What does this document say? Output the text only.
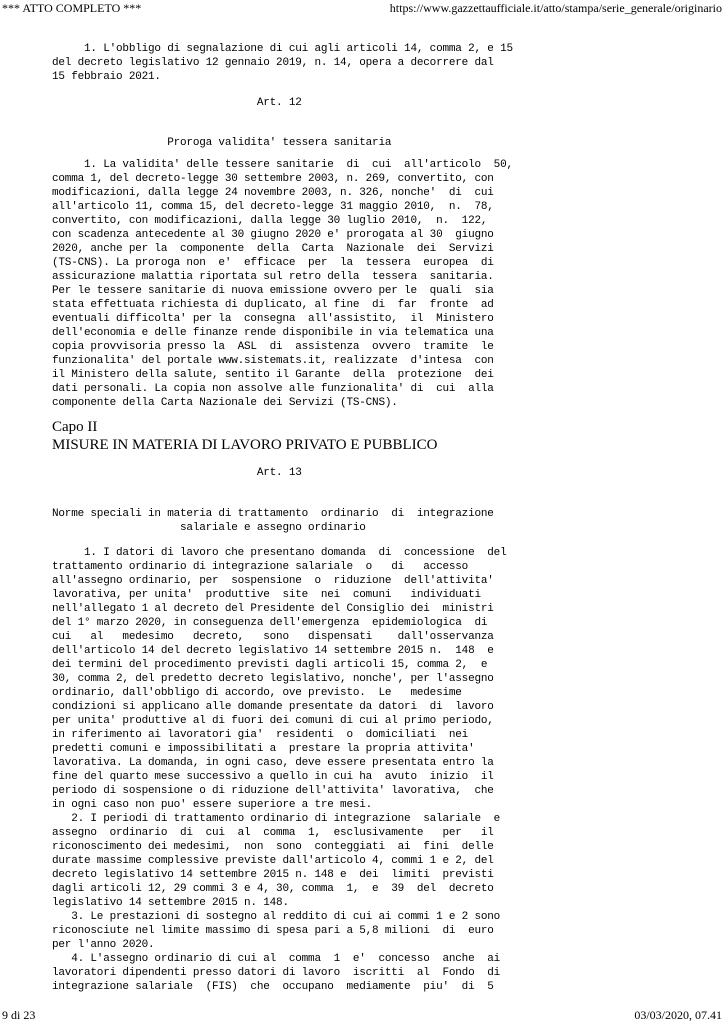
*** ATTO COMPLETO ***	https://www.gazzettaufficiale.it/atto/stampa/serie_generale/originario
1. L'obbligo di segnalazione di cui agli articoli 14, comma 2, e 15
del decreto legislativo 12 gennaio 2019, n. 14, opera a decorrere dal
15 febbraio 2021.
Art. 12
Proroga validita' tessera sanitaria
1. La validita' delle tessere sanitarie  di  cui  all'articolo  50,
comma 1, del decreto-legge 30 settembre 2003, n. 269, convertito, con
modificazioni, dalla legge 24 novembre 2003, n. 326, nonche'  di  cui
all'articolo 11, comma 15, del decreto-legge 31 maggio 2010,  n.  78,
convertito, con modificazioni, dalla legge 30 luglio 2010,  n.  122,
con scadenza antecedente al 30 giugno 2020 e' prorogata al 30  giugno
2020, anche per la  componente  della  Carta  Nazionale  dei  Servizi
(TS-CNS). La proroga non  e'  efficace  per  la  tessera  europea  di
assicurazione malattia riportata sul retro della  tessera  sanitaria.
Per le tessere sanitarie di nuova emissione ovvero per le  quali  sia
stata effettuata richiesta di duplicato, al fine  di  far  fronte  ad
eventuali difficolta' per la  consegna  all'assistito,  il  Ministero
dell'economia e delle finanze rende disponibile in via telematica una
copia provvisoria presso la  ASL  di  assistenza  ovvero  tramite  le
funzionalita' del portale www.sistemats.it, realizzate  d'intesa  con
il Ministero della salute, sentito il Garante  della  protezione  dei
dati personali. La copia non assolve alle funzionalita' di  cui  alla
componente della Carta Nazionale dei Servizi (TS-CNS).
Capo II
MISURE IN MATERIA DI LAVORO PRIVATO E PUBBLICO
Art. 13
Norme speciali in materia di trattamento  ordinario  di  integrazione
salariale e assegno ordinario
1. I datori di lavoro che presentano domanda  di  concessione  del
trattamento ordinario di integrazione salariale  o   di   accesso
all'assegno ordinario, per  sospensione  o  riduzione  dell'attivita'
lavorativa, per unita'  produttive  site  nei  comuni   individuati
nell'allegato 1 al decreto del Presidente del Consiglio dei  ministri
del 1° marzo 2020, in conseguenza dell'emergenza  epidemiologica  di
cui   al   medesimo   decreto,   sono   dispensati    dall'osservanza
dell'articolo 14 del decreto legislativo 14 settembre 2015 n.  148  e
dei termini del procedimento previsti dagli articoli 15, comma 2,  e
30, comma 2, del predetto decreto legislativo, nonche', per l'assegno
ordinario, dall'obbligo di accordo, ove previsto.  Le   medesime
condizioni si applicano alle domande presentate da datori  di  lavoro
per unita' produttive al di fuori dei comuni di cui al primo periodo,
in riferimento ai lavoratori gia'  residenti  o  domiciliati  nei
predetti comuni e impossibilitati a  prestare la propria attivita'
lavorativa. La domanda, in ogni caso, deve essere presentata entro la
fine del quarto mese successivo a quello in cui ha  avuto  inizio  il
periodo di sospensione o di riduzione dell'attivita' lavorativa,  che
in ogni caso non puo' essere superiore a tre mesi.
2. I periodi di trattamento ordinario di integrazione  salariale  e
assegno  ordinario  di  cui  al  comma  1,  esclusivamente   per   il
riconoscimento dei medesimi,  non  sono  conteggiati  ai  fini  delle
durate massime complessive previste dall'articolo 4, commi 1 e 2, del
decreto legislativo 14 settembre 2015 n. 148 e  dei  limiti  previsti
dagli articoli 12, 29 commi 3 e 4, 30, comma  1,  e  39  del  decreto
legislativo 14 settembre 2015 n. 148.
3. Le prestazioni di sostegno al reddito di cui ai commi 1 e 2 sono
riconosciute nel limite massimo di spesa pari a 5,8 milioni  di  euro
per l'anno 2020.
4. L'assegno ordinario di cui al  comma  1  e'  concesso  anche  ai
lavoratori dipendenti presso datori di lavoro  iscritti  al  Fondo  di
integrazione salariale  (FIS)  che  occupano  mediamente  piu'  di  5
9 di 23	03/03/2020, 07.41
